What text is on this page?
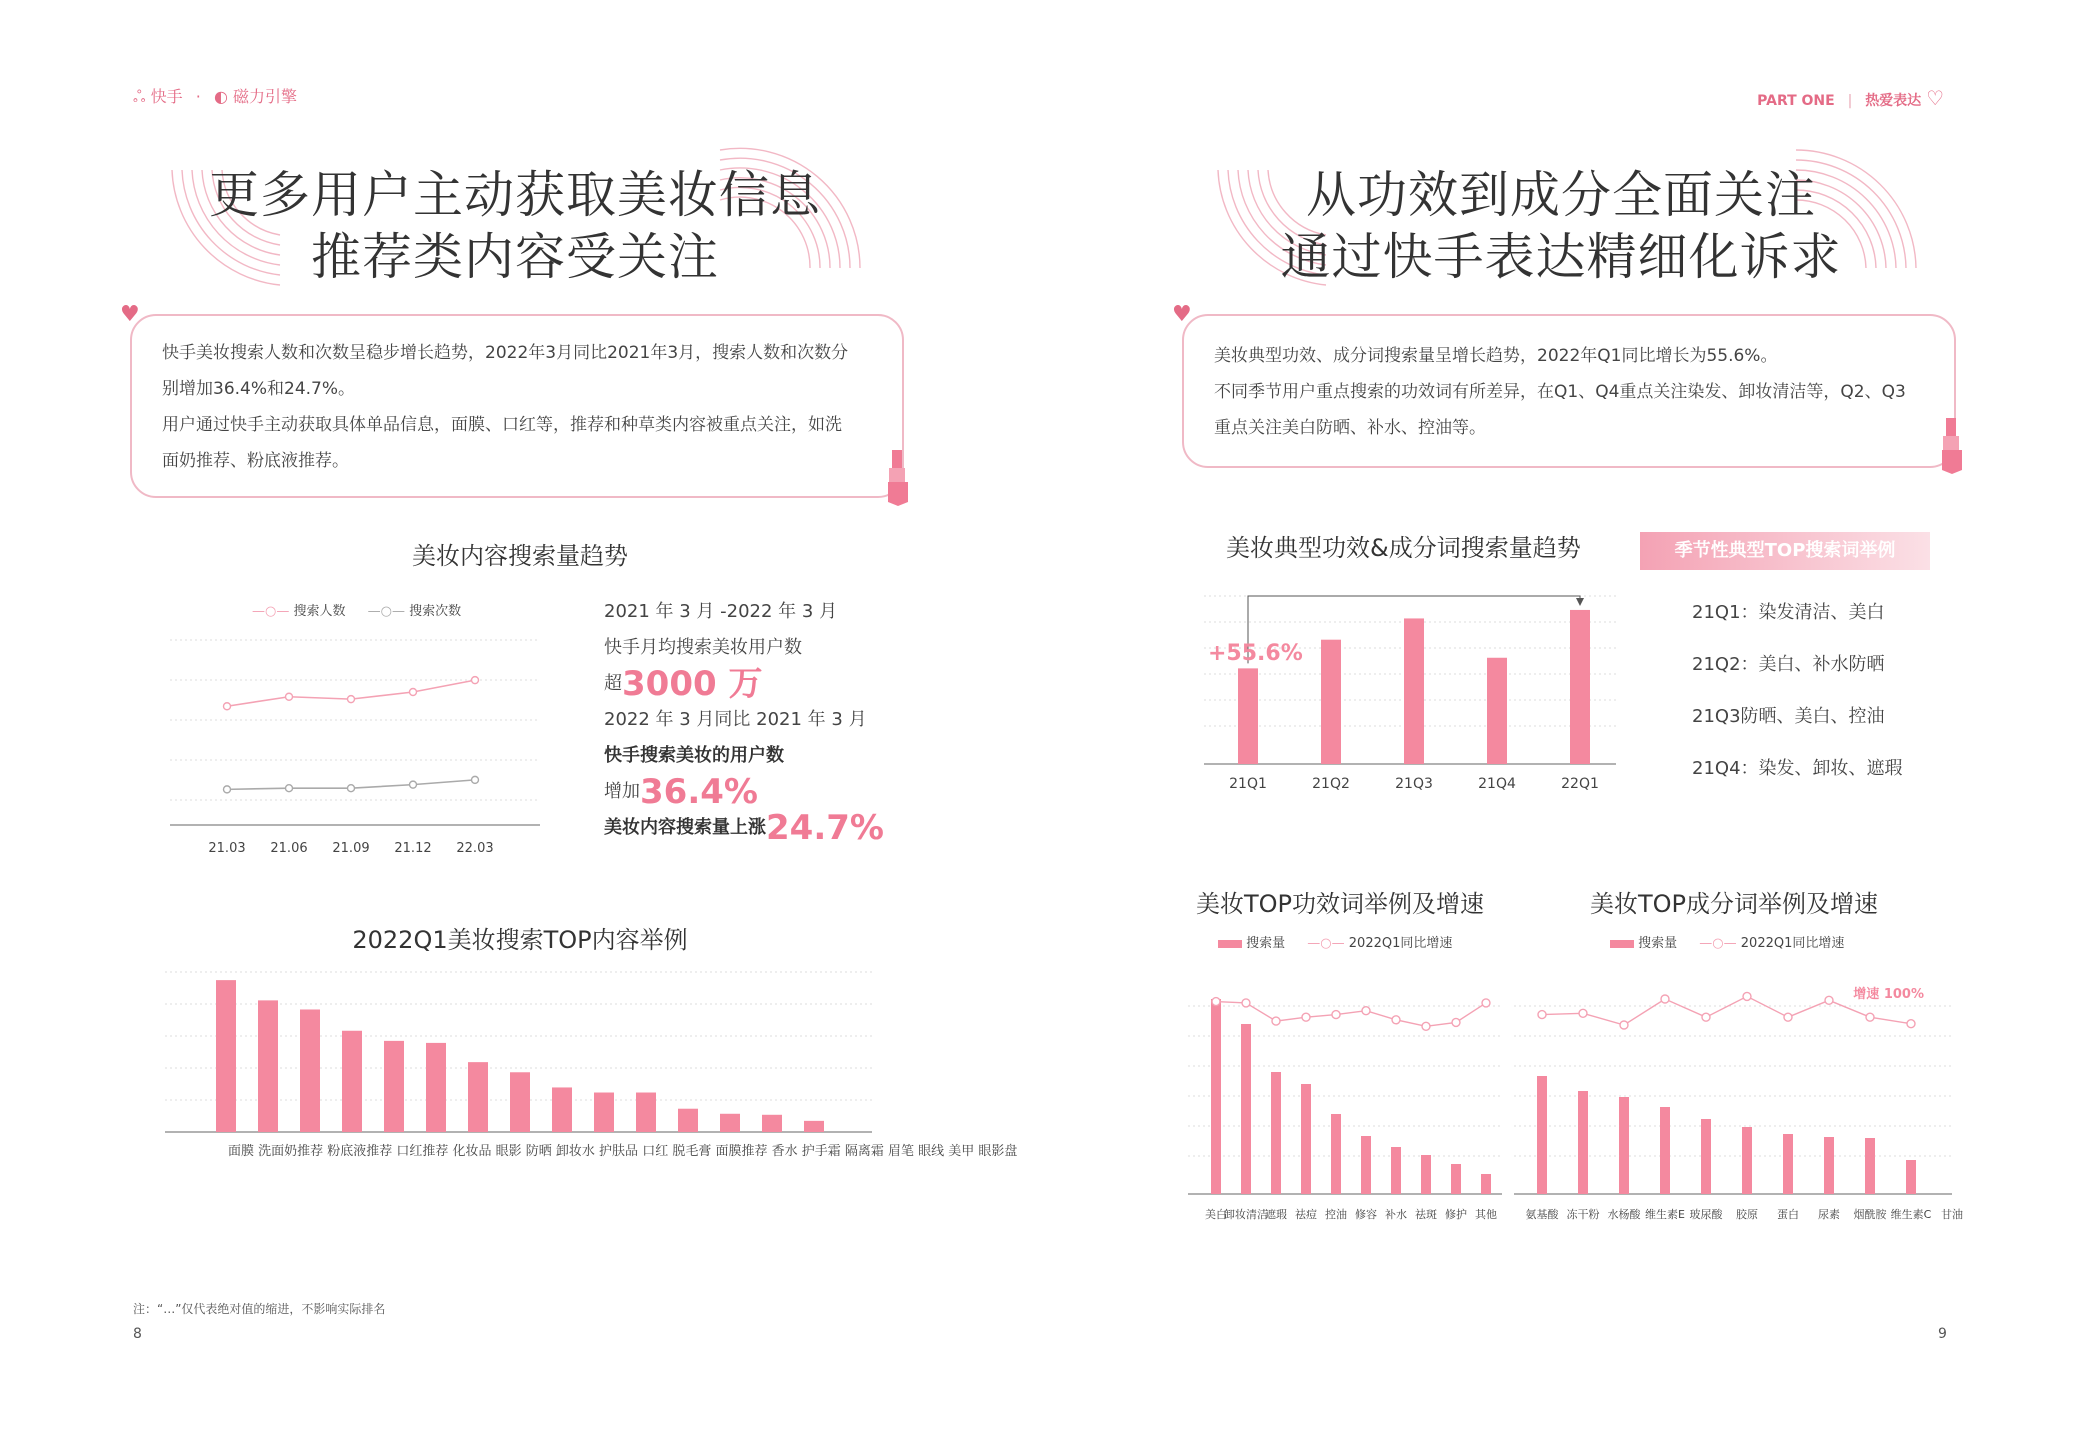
ஃ 快手 · ◐ 磁力引擎	PART ONE | 热爱表达 ♡
更多用户主动获取美妆信息
推荐类内容受关注
♥
快手美妆搜索人数和次数呈稳步增长趋势，2022年3月同比2021年3月，搜索人数和次数分
别增加36.4%和24.7%。
用户通过快手主动获取具体单品信息，面膜、口红等，推荐和种草类内容被重点关注，如洗
面奶推荐、粉底液推荐。
美妆内容搜索量趋势
—○— 搜索人数 —○— 搜索次数
21.03 21.06 21.09 21.12 22.03
2021 年 3 月 -2022 年 3 月
快手月均搜索美妆用户数
超3000 万
2022 年 3 月同比 2021 年 3 月
快手搜索美妆的用户数
增加36.4%
美妆内容搜索量上涨24.7%
2022Q1美妆搜索TOP内容举例
面膜 洗面奶推荐 粉底液推荐 口红推荐 化妆品 眼影 防晒 卸妆水 护肤品 口红 脱毛膏 面膜推荐 香水 护手霜 隔离霜 眉笔 眼线 美甲 眼影盘
注：“…”仅代表绝对值的缩进，不影响实际排名
8
从功效到成分全面关注
通过快手表达精细化诉求
♥
美妆典型功效、成分词搜索量呈增长趋势，2022年Q1同比增长为55.6%。
不同季节用户重点搜索的功效词有所差异，在Q1、Q4重点关注染发、卸妆清洁等，Q2、Q3
重点关注美白防晒、补水、控油等。
美妆典型功效&成分词搜索量趋势
21Q1	21Q2	21Q3	21Q4	22Q1
+55.6%
季节性典型TOP搜索词举例
21Q1：染发清洁、美白
21Q2：美白、补水防晒
21Q3防晒、美白、控油
21Q4：染发、卸妆、遮瑕
美妆TOP功效词举例及增速	美妆TOP成分词举例及增速
搜索量 —○— 2022Q1同比增速	搜索量 —○— 2022Q1同比增速
美白
卸妆清洁
遮瑕 祛痘 控油 修容 补水 祛斑 修护 其他	氨基酸 冻干粉 水杨酸 维生素E 玻尿酸 胶原 蛋白 尿素 烟酰胺 维生素C 甘油
增速 100%
9
